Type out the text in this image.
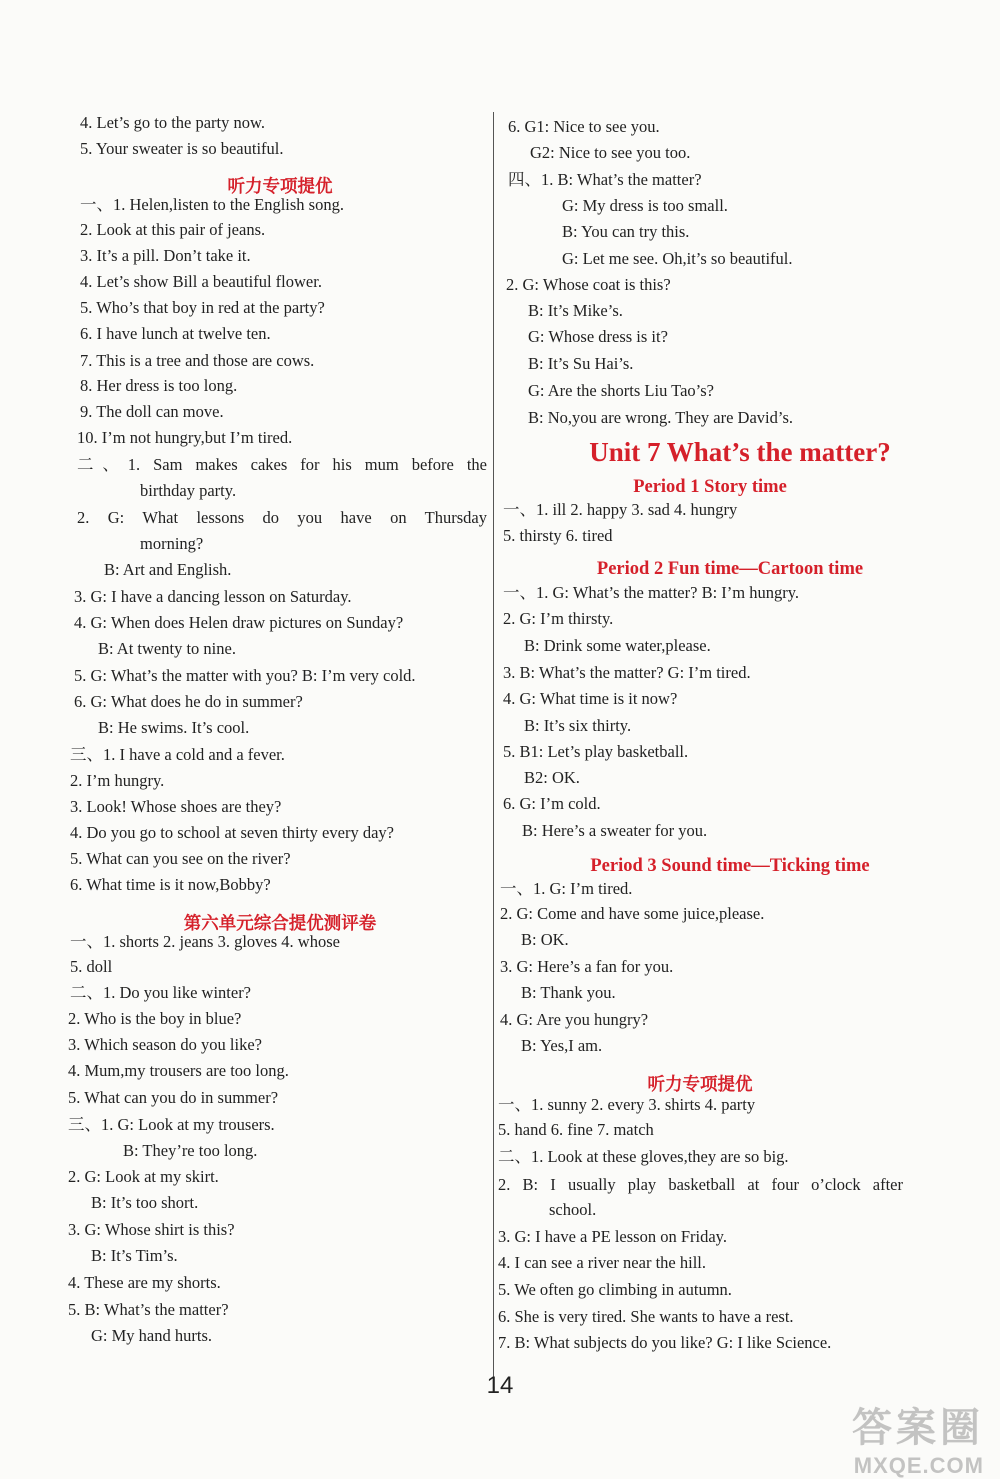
4. Let’s go to the party now.
5. Your sweater is so beautiful.
一、1. Helen,listen to the English song.
2. Look at this pair of jeans.
3. It’s a pill. Don’t take it.
4. Let’s show Bill a beautiful flower.
5. Who’s that boy in red at the party?
6. I have lunch at twelve ten.
7. This is a tree and those are cows.
8. Her dress is too long.
9. The doll can move.
10. I’m not hungry,but I’m tired.
二、1. Sam makes cakes for his mum before the
birthday party.
2. G: What lessons do you have on Thursday
morning?
B: Art and English.
3. G: I have a dancing lesson on Saturday.
4. G: When does Helen draw pictures on Sunday?
B: At twenty to nine.
5. G: What’s the matter with you? B: I’m very cold.
6. G: What does he do in summer?
B: He swims. It’s cool.
三、1. I have a cold and a fever.
2. I’m hungry.
3. Look! Whose shoes are they?
4. Do you go to school at seven thirty every day?
5. What can you see on the river?
6. What time is it now,Bobby?
一、1. shorts 2. jeans 3. gloves 4. whose
5. doll
二、1. Do you like winter?
2. Who is the boy in blue?
3. Which season do you like?
4. Mum,my trousers are too long.
5. What can you do in summer?
三、1. G: Look at my trousers.
B: They’re too long.
2. G: Look at my skirt.
B: It’s too short.
3. G: Whose shirt is this?
B: It’s Tim’s.
4. These are my shorts.
5. B: What’s the matter?
G: My hand hurts.
听力专项提优
第六单元综合提优测评卷
6. G1: Nice to see you.
G2: Nice to see you too.
四、1. B: What’s the matter?
G: My dress is too small.
B: You can try this.
G: Let me see. Oh,it’s so beautiful.
2. G: Whose coat is this?
B: It’s Mike’s.
G: Whose dress is it?
B: It’s Su Hai’s.
G: Are the shorts Liu Tao’s?
B: No,you are wrong. They are David’s.
一、1. ill 2. happy 3. sad 4. hungry
5. thirsty 6. tired
一、1. G: What’s the matter? B: I’m hungry.
2. G: I’m thirsty.
B: Drink some water,please.
3. B: What’s the matter? G: I’m tired.
4. G: What time is it now?
B: It’s six thirty.
5. B1: Let’s play basketball.
B2: OK.
6. G: I’m cold.
B: Here’s a sweater for you.
一、1. G: I’m tired.
2. G: Come and have some juice,please.
B: OK.
3. G: Here’s a fan for you.
B: Thank you.
4. G: Are you hungry?
B: Yes,I am.
一、1. sunny 2. every 3. shirts 4. party
5. hand 6. fine 7. match
二、1. Look at these gloves,they are so big.
2. B: I usually play basketball at four o’clock after
school.
3. G: I have a PE lesson on Friday.
4. I can see a river near the hill.
5. We often go climbing in autumn.
6. She is very tired. She wants to have a rest.
7. B: What subjects do you like? G: I like Science.
Unit 7 What’s the matter?
Period 1 Story time
Period 2 Fun time—Cartoon time
Period 3 Sound time—Ticking time
听力专项提优
14
答案圈
MXQE.COM
